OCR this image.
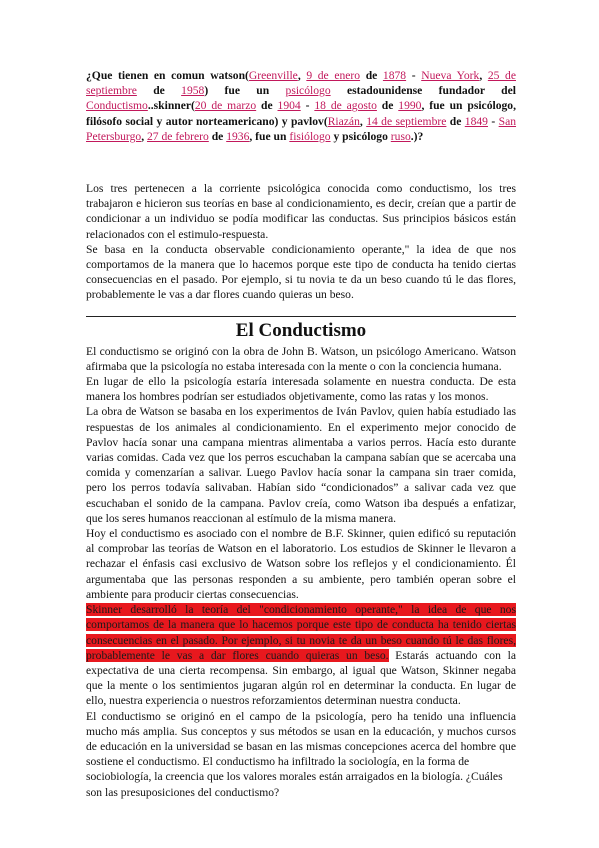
¿Que tienen en comun watson(Greenville, 9 de enero de 1878 - Nueva York, 25 de septiembre de 1958) fue un psicólogo estadounidense fundador del Conductismo..skinner(20 de marzo de 1904 - 18 de agosto de 1990, fue un psicólogo, filósofo social y autor norteamericano) y pavlov(Riazán, 14 de septiembre de 1849 - San Petersburgo, 27 de febrero de 1936, fue un fisiólogo y psicólogo ruso.)?

Los tres pertenecen a la corriente psicológica conocida como conductismo, los tres trabajaron e hicieron sus teorías en base al condicionamiento, es decir, creían que a partir de condicionar a un individuo se podía modificar las conductas. Sus principios básicos están relacionados con el estimulo-respuesta.

Se basa en la conducta observable condicionamiento operante," la idea de que nos comportamos de la manera que lo hacemos porque este tipo de conducta ha tenido ciertas consecuencias en el pasado. Por ejemplo, si tu novia te da un beso cuando tú le das flores, probablemente le vas a dar flores cuando quieras un beso.

El Conductismo

El conductismo se originó con la obra de John B. Watson, un psicólogo Americano. Watson afirmaba que la psicología no estaba interesada con la mente o con la conciencia humana.

En lugar de ello la psicología estaría interesada solamente en nuestra conducta. De esta manera los hombres podrían ser estudiados objetivamente, como las ratas y los monos.

La obra de Watson se basaba en los experimentos de Iván Pavlov, quien había estudiado las respuestas de los animales al condicionamiento. En el experimento mejor conocido de Pavlov hacía sonar una campana mientras alimentaba a varios perros. Hacía esto durante varias comidas. Cada vez que los perros escuchaban la campana sabían que se acercaba una comida y comenzarían a salivar. Luego Pavlov hacía sonar la campana sin traer comida, pero los perros todavía salivaban. Habían sido “condicionados” a salivar cada vez que escuchaban el sonido de la campana. Pavlov creía, como Watson iba después a enfatizar, que los seres humanos reaccionan al estímulo de la misma manera.

Hoy el conductismo es asociado con el nombre de B.F. Skinner, quien edificó su reputación al comprobar las teorías de Watson en el laboratorio. Los estudios de Skinner le llevaron a rechazar el énfasis casi exclusivo de Watson sobre los reflejos y el condicionamiento. Él argumentaba que las personas responden a su ambiente, pero también operan sobre el ambiente para producir ciertas consecuencias.

Skinner desarrolló la teoría del "condicionamiento operante," la idea de que nos comportamos de la manera que lo hacemos porque este tipo de conducta ha tenido ciertas consecuencias en el pasado. Por ejemplo, si tu novia te da un beso cuando tú le das flores, probablemente le vas a dar flores cuando quieras un beso. Estarás actuando con la expectativa de una cierta recompensa. Sin embargo, al igual que Watson, Skinner negaba que la mente o los sentimientos jugaran algún rol en determinar la conducta. En lugar de ello, nuestra experiencia o nuestros reforzamientos determinan nuestra conducta.

El conductismo se originó en el campo de la psicología, pero ha tenido una influencia mucho más amplia. Sus conceptos y sus métodos se usan en la educación, y muchos cursos de educación en la universidad se basan en las mismas concepciones acerca del hombre que sostiene el conductismo. El conductismo ha infiltrado la sociología, en la forma de

sociobiología, la creencia que los valores morales están arraigados en la biología. ¿Cuáles son las presuposiciones del conductismo?
